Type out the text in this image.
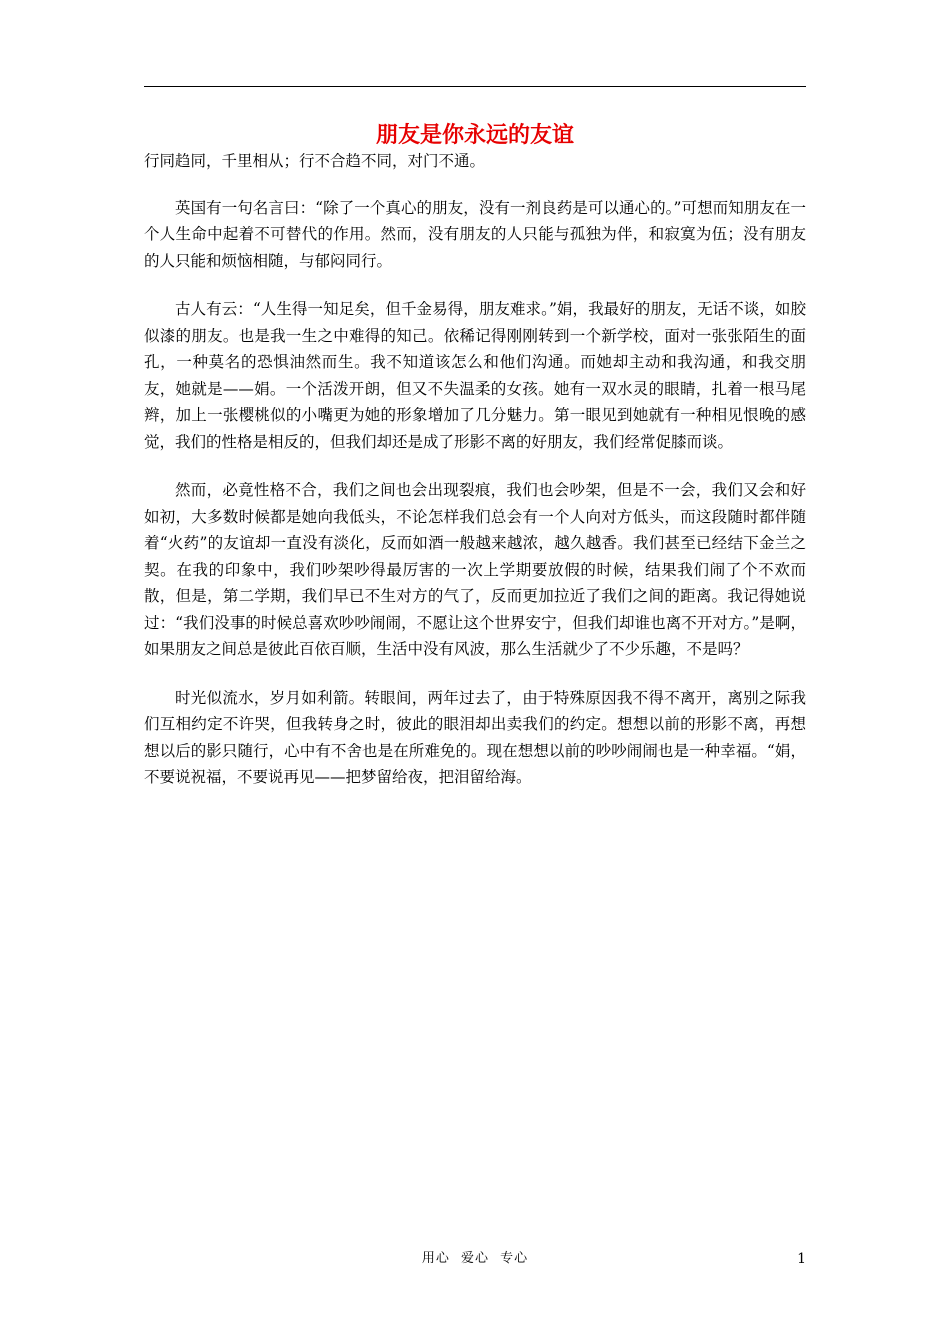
朋友是你永远的友谊

行同趋同，千里相从；行不合趋不同，对门不通。

英国有一句名言曰：“除了一个真心的朋友，没有一剂良药是可以通心的。”可想而知朋友在一个人生命中起着不可替代的作用。然而，没有朋友的人只能与孤独为伴，和寂寞为伍；没有朋友的人只能和烦恼相随，与郁闷同行。

古人有云：“人生得一知足矣，但千金易得，朋友难求。”娟，我最好的朋友，无话不谈，如胶似漆的朋友。也是我一生之中难得的知己。依稀记得刚刚转到一个新学校，面对一张张陌生的面孔，一种莫名的恐惧油然而生。我不知道该怎么和他们沟通。而她却主动和我沟通，和我交朋友，她就是——娟。一个活泼开朗，但又不失温柔的女孩。她有一双水灵的眼睛，扎着一根马尾辫，加上一张樱桃似的小嘴更为她的形象增加了几分魅力。第一眼见到她就有一种相见恨晚的感觉，我们的性格是相反的，但我们却还是成了形影不离的好朋友，我们经常促膝而谈。

然而，必竟性格不合，我们之间也会出现裂痕，我们也会吵架，但是不一会，我们又会和好如初，大多数时候都是她向我低头，不论怎样我们总会有一个人向对方低头，而这段随时都伴随着“火药”的友谊却一直没有淡化，反而如酒一般越来越浓，越久越香。我们甚至已经结下金兰之契。在我的印象中，我们吵架吵得最厉害的一次上学期要放假的时候，结果我们闹了个不欢而散，但是，第二学期，我们早已不生对方的气了，反而更加拉近了我们之间的距离。我记得她说过：“我们没事的时候总喜欢吵吵闹闹，不愿让这个世界安宁，但我们却谁也离不开对方。”是啊，如果朋友之间总是彼此百依百顺，生活中没有风波，那么生活就少了不少乐趣，不是吗？

时光似流水，岁月如利箭。转眼间，两年过去了，由于特殊原因我不得不离开，离别之际我们互相约定不许哭，但我转身之时，彼此的眼泪却出卖我们的约定。想想以前的形影不离，再想想以后的影只随行，心中有不舍也是在所难免的。现在想想以前的吵吵闹闹也是一种幸福。“娟，不要说祝福，不要说再见——把梦留给夜，把泪留给海。

用心 爱心 专心	1
